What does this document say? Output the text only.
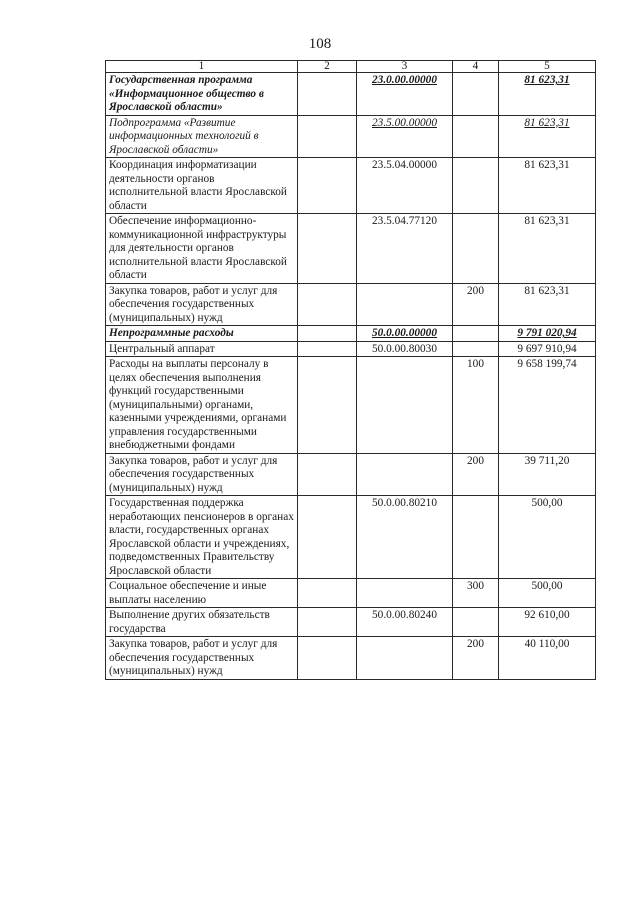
108
1	2	3	4	5
Государственная программа «Информационное общество в Ярославской области»		23.0.00.00000		81 623,31
Подпрограмма «Развитие информационных технологий в Ярославской области»		23.5.00.00000		81 623,31
Координация информатизации деятельности органов исполнительной власти Ярославской области		23.5.04.00000		81 623,31
Обеспечение информационно-коммуникационной инфраструктуры для деятельности органов исполнительной власти Ярославской области		23.5.04.77120		81 623,31
Закупка товаров, работ и услуг для обеспечения государственных (муниципальных) нужд			200	81 623,31
Непрограммные расходы		50.0.00.00000		9 791 020,94
Центральный аппарат		50.0.00.80030		9 697 910,94
Расходы на выплаты персоналу в целях обеспечения выполнения функций государственными (муниципальными) органами, казенными учреждениями, органами управления государственными внебюджетными фондами			100	9 658 199,74
Закупка товаров, работ и услуг для обеспечения государственных (муниципальных) нужд			200	39 711,20
Государственная поддержка неработающих пенсионеров в органах власти, государственных органах Ярославской области и учреждениях, подведомственных Правительству Ярославской области		50.0.00.80210		500,00
Социальное обеспечение и иные выплаты населению			300	500,00
Выполнение других обязательств государства		50.0.00.80240		92 610,00
Закупка товаров, работ и услуг для обеспечения государственных (муниципальных) нужд			200	40 110,00
